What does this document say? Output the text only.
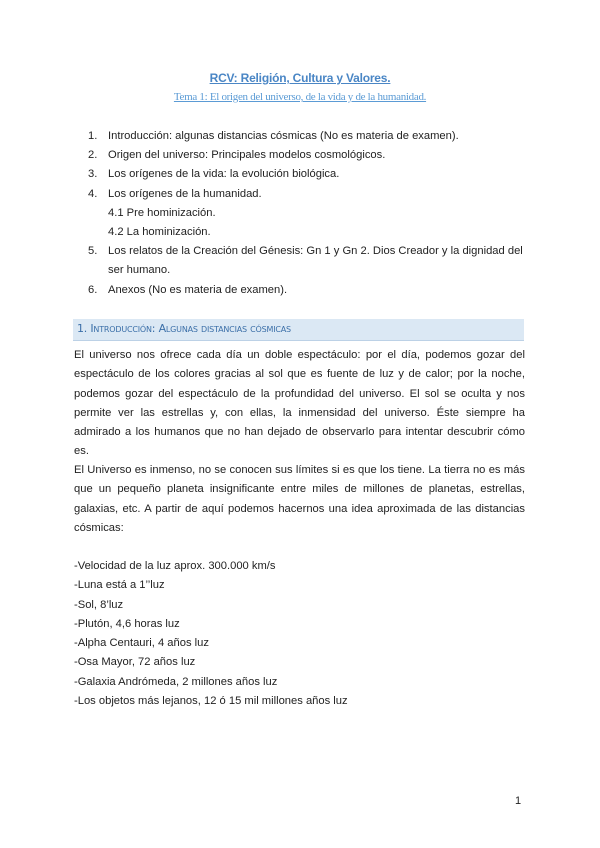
RCV: Religión, Cultura y Valores.
Tema 1: El origen del universo, de la vida y de la humanidad.
1. Introducción: algunas distancias cósmicas (No es materia de examen).
2. Origen del universo: Principales modelos cosmológicos.
3. Los orígenes de la vida: la evolución biológica.
4. Los orígenes de la humanidad.
4.1 Pre hominización.
4.2 La hominización.
5. Los relatos de la Creación del Génesis: Gn 1 y Gn 2. Dios Creador y la dignidad del
ser humano.
6. Anexos (No es materia de examen).
1. Introducción: Algunas distancias cósmicas

El universo nos ofrece cada día un doble espectáculo: por el día, podemos gozar del espectáculo de los colores gracias al sol que es fuente de luz y de calor; por la noche, podemos gozar del espectáculo de la profundidad del universo. El sol se oculta y nos permite ver las estrellas y, con ellas, la inmensidad del universo. Éste siempre ha admirado a los humanos que no han dejado de observarlo para intentar descubrir cómo es.

El Universo es inmenso, no se conocen sus límites si es que los tiene. La tierra no es más que un pequeño planeta insignificante entre miles de millones de planetas, estrellas, galaxias, etc. A partir de aquí podemos hacernos una idea aproximada de las distancias cósmicas:

-Velocidad de la luz aprox. 300.000 km/s
-Luna está a 1’’luz
-Sol, 8’luz
-Plutón, 4,6 horas luz
-Alpha Centauri, 4 años luz
-Osa Mayor, 72 años luz
-Galaxia Andrómeda, 2 millones años luz
-Los objetos más lejanos, 12 ó 15 mil millones años luz
1
